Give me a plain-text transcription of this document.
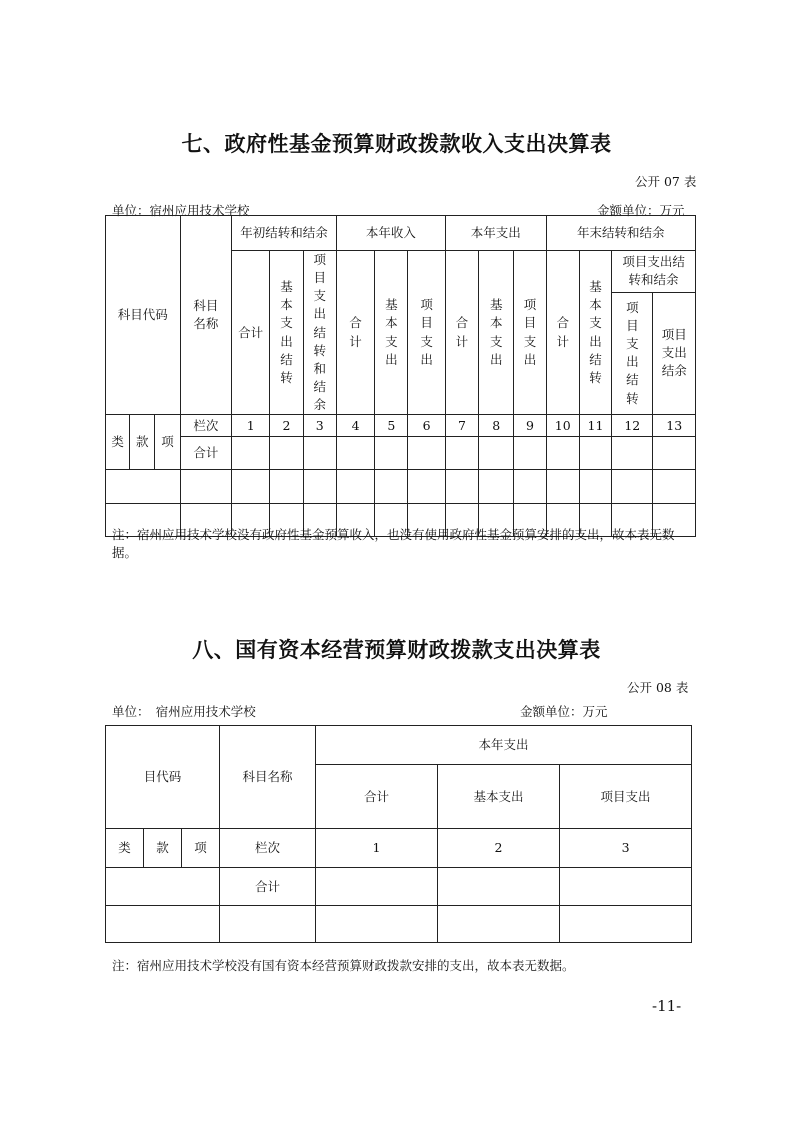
七、政府性基金预算财政拨款收入支出决算表
公开 07 表
单位：宿州应用技术学校	金额单位：万元
科目代码			科目名称	年初结转和结余			本年收入			本年支出			年末结转和结余			
				合计	基本支出结转	项目支出结转和结余	合计	基本支出	项目支出	合计	基本支出	项目支出	合计	基本支出结转	项目支出结转和结余	
															项目支出结转	项目支出结余
类	款	项	栏次	1	2	3	4	5	6	7	8	9	10	11	12	13
			合计													

注：宿州应用技术学校没有政府性基金预算收入，也没有使用政府性基金预算安排的支出，故本表无数据。
八、国有资本经营预算财政拨款支出决算表
公开 08 表
单位：　宿州应用技术学校	金额单位：万元
目代码			科目名称	本年支出		
				合计	基本支出	项目支出
类	款	项	栏次	1	2	3
			合计			

注：宿州应用技术学校没有国有资本经营预算财政拨款安排的支出，故本表无数据。
-11-
